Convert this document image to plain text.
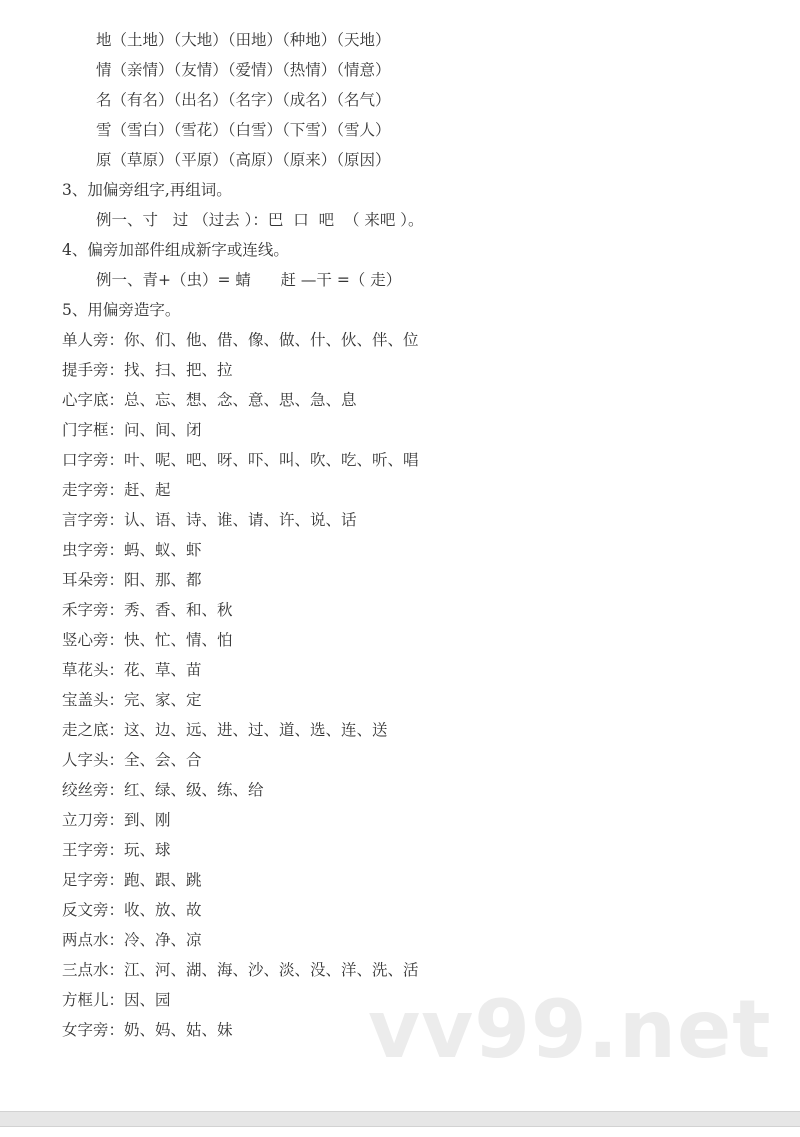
地（土地）（大地）（田地）（种地）（天地）
情（亲情）（友情）（爱情）（热情）（情意）
名（有名）（出名）（名字）（成名）（名气）
雪（雪白）（雪花）（白雪）（下雪）（雪人）
原（草原）（平原）（高原）（原来）（原因）
3、加偏旁组字,再组词。
例一、寸   过 （过去 ）：巴  口  吧  （ 来吧 ）。
4、偏旁加部件组成新字或连线。
例一、青+（虫）= 蜻      赶 —干 =（ 走）
5、用偏旁造字。
单人旁：你、们、他、借、像、做、什、伙、伴、位
提手旁：找、扫、把、拉
心字底：总、忘、想、念、意、思、急、息
门字框：问、间、闭
口字旁：叶、呢、吧、呀、吓、叫、吹、吃、听、唱
走字旁：赶、起
言字旁：认、语、诗、谁、请、许、说、话
虫字旁：蚂、蚁、虾
耳朵旁：阳、那、都
禾字旁：秀、香、和、秋
竖心旁：快、忙、情、怕
草花头：花、草、苗
宝盖头：完、家、定
走之底：这、边、远、进、过、道、选、连、送
人字头：全、会、合
绞丝旁：红、绿、级、练、给
立刀旁：到、刚
王字旁：玩、球
足字旁：跑、跟、跳
反文旁：收、放、故
两点水：冷、净、凉
三点水：江、河、湖、海、沙、淡、没、洋、洗、活
方框儿：因、园
女字旁：奶、妈、姑、妹	vv99.net
